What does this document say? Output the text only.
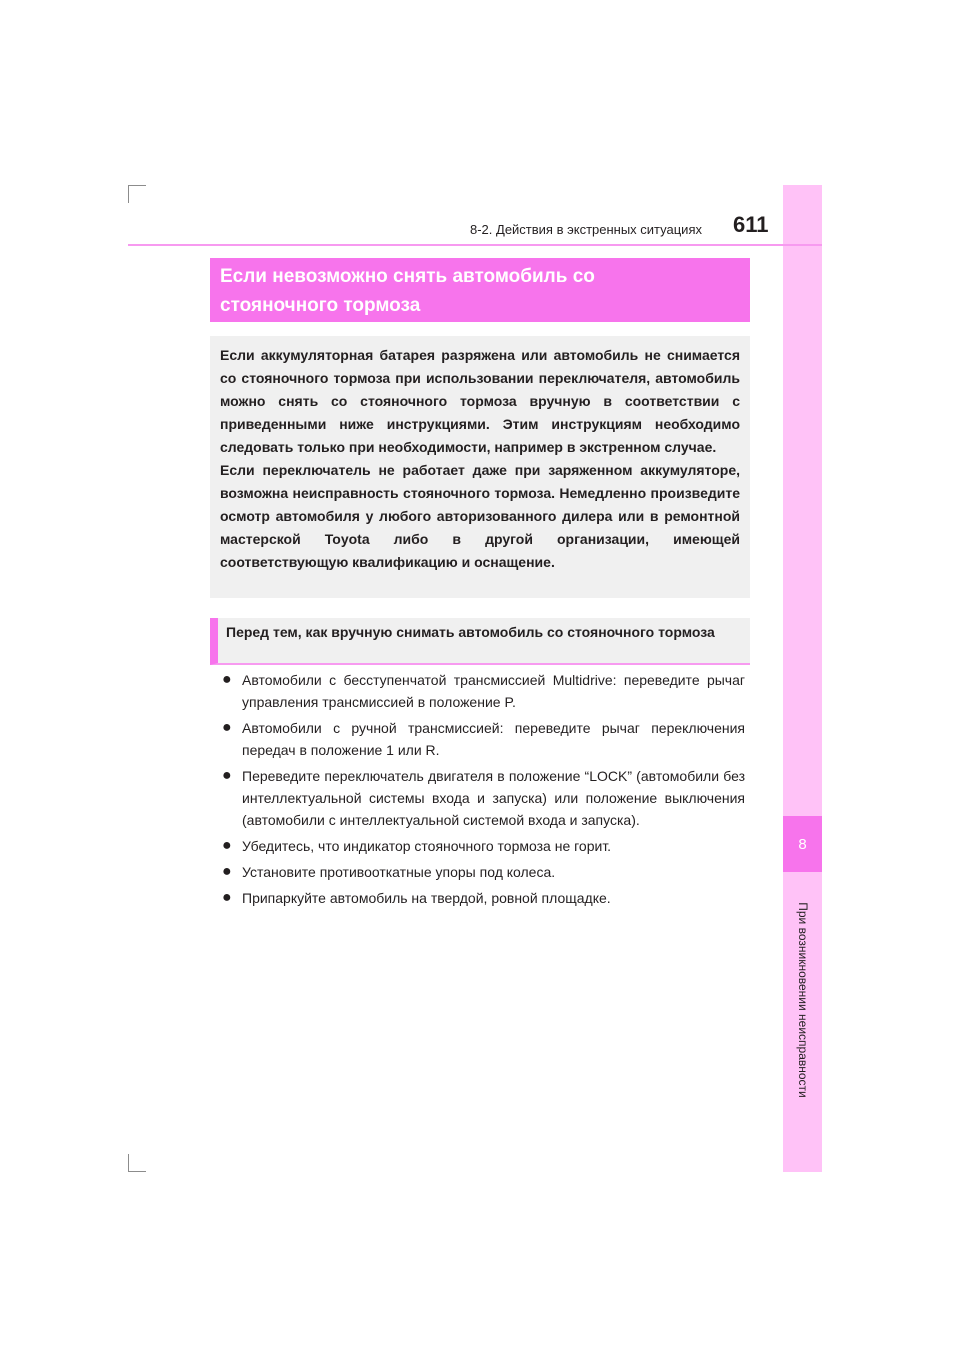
8
При возникновении неисправности
8-2. Действия в экстренных ситуациях 611
Если невозможно снять автомобиль со
стояночного тормоза

Если аккумуляторная батарея разряжена или автомобиль не снимается со стояночного тормоза при использовании переключателя, автомобиль можно снять со стояночного тормоза вручную в соответствии с приведенными ниже инструкциями. Этим инструкциям необходимо следовать только при необходимости, например в экстренном случае.

Если переключатель не работает даже при заряженном аккумуляторе, возможна неисправность стояночного тормоза. Немедленно произведите осмотр автомобиля у любого авторизованного дилера или в ремонтной мастерской Toyota либо в другой организации, имеющей соответствующую квалификацию и оснащение.

Перед тем, как вручную снимать автомобиль со стояночного тормоза
● Автомобили с бесступенчатой трансмиссией Multidrive: переведите рычаг управления трансмиссией в положение P.
● Автомобили с ручной трансмиссией: переведите рычаг переключения передач в положение 1 или R.
● Переведите переключатель двигателя в положение “LOCK” (автомобили без интеллектуальной системы входа и запуска) или положение выключения (автомобили с интеллектуальной системой входа и запуска).
● Убедитесь, что индикатор стояночного тормоза не горит.
● Установите противооткатные упоры под колеса.
● Припаркуйте автомобиль на твердой, ровной площадке.
